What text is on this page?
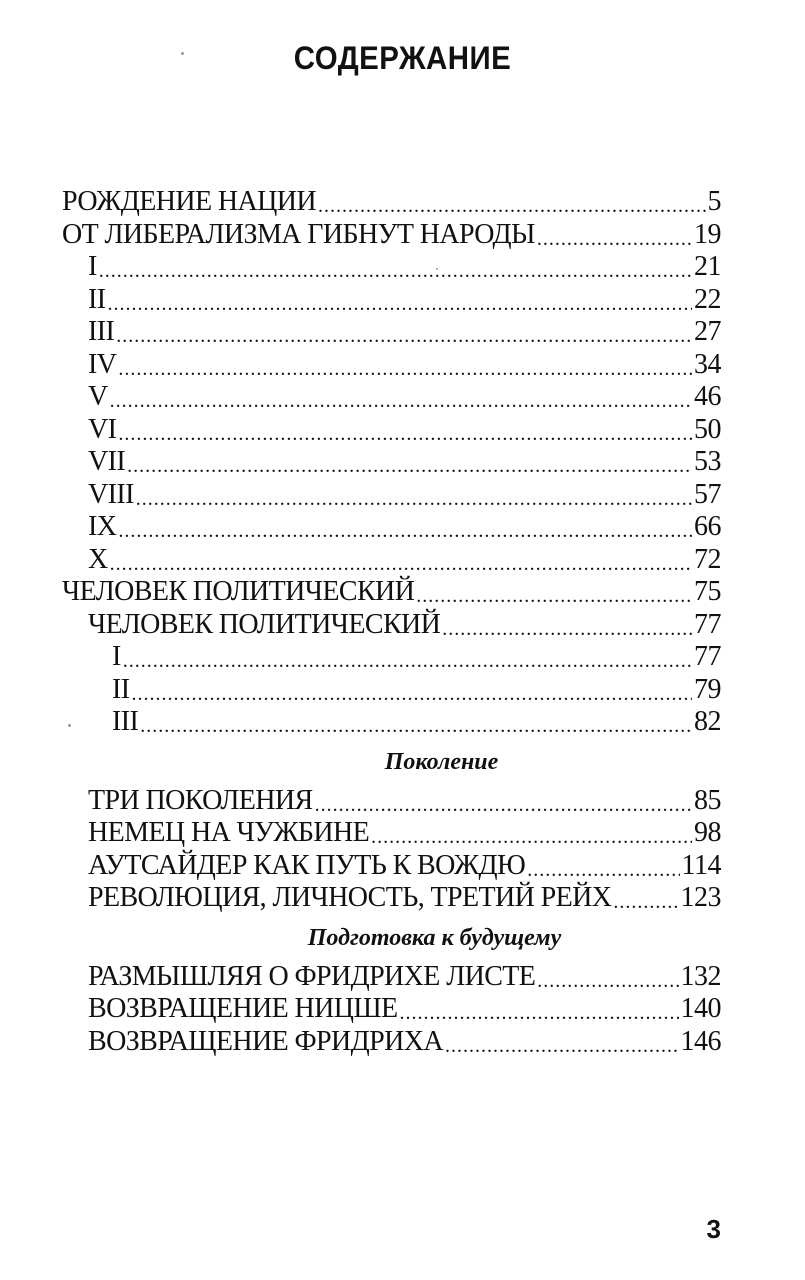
СОДЕРЖАНИЕ
РОЖДЕНИЕ НАЦИИ .....	5
ОТ ЛИБЕРАЛИЗМА ГИБНУТ НАРОДЫ .....	19
I .....	21
II .....	22
III .....	27
IV .....	34
V .....	46
VI .....	50
VII .....	53
VIII .....	57
IX .....	66
X .....	72
ЧЕЛОВЕК ПОЛИТИЧЕСКИЙ .....	75
ЧЕЛОВЕК ПОЛИТИЧЕСКИЙ .....	77
I .....	77
II .....	79
III .....	82
Поколение
ТРИ ПОКОЛЕНИЯ .....	85
НЕМЕЦ НА ЧУЖБИНЕ .....	98
АУТСАЙДЕР КАК ПУТЬ К ВОЖДЮ .....	114
РЕВОЛЮЦИЯ, ЛИЧНОСТЬ, ТРЕТИЙ РЕЙХ ..... 123
Подготовка к будущему
РАЗМЫШЛЯЯ О ФРИДРИХЕ ЛИСТЕ .....	132
ВОЗВРАЩЕНИЕ НИЦШЕ .....	140
ВОЗВРАЩЕНИЕ ФРИДРИХА .....	146
3
